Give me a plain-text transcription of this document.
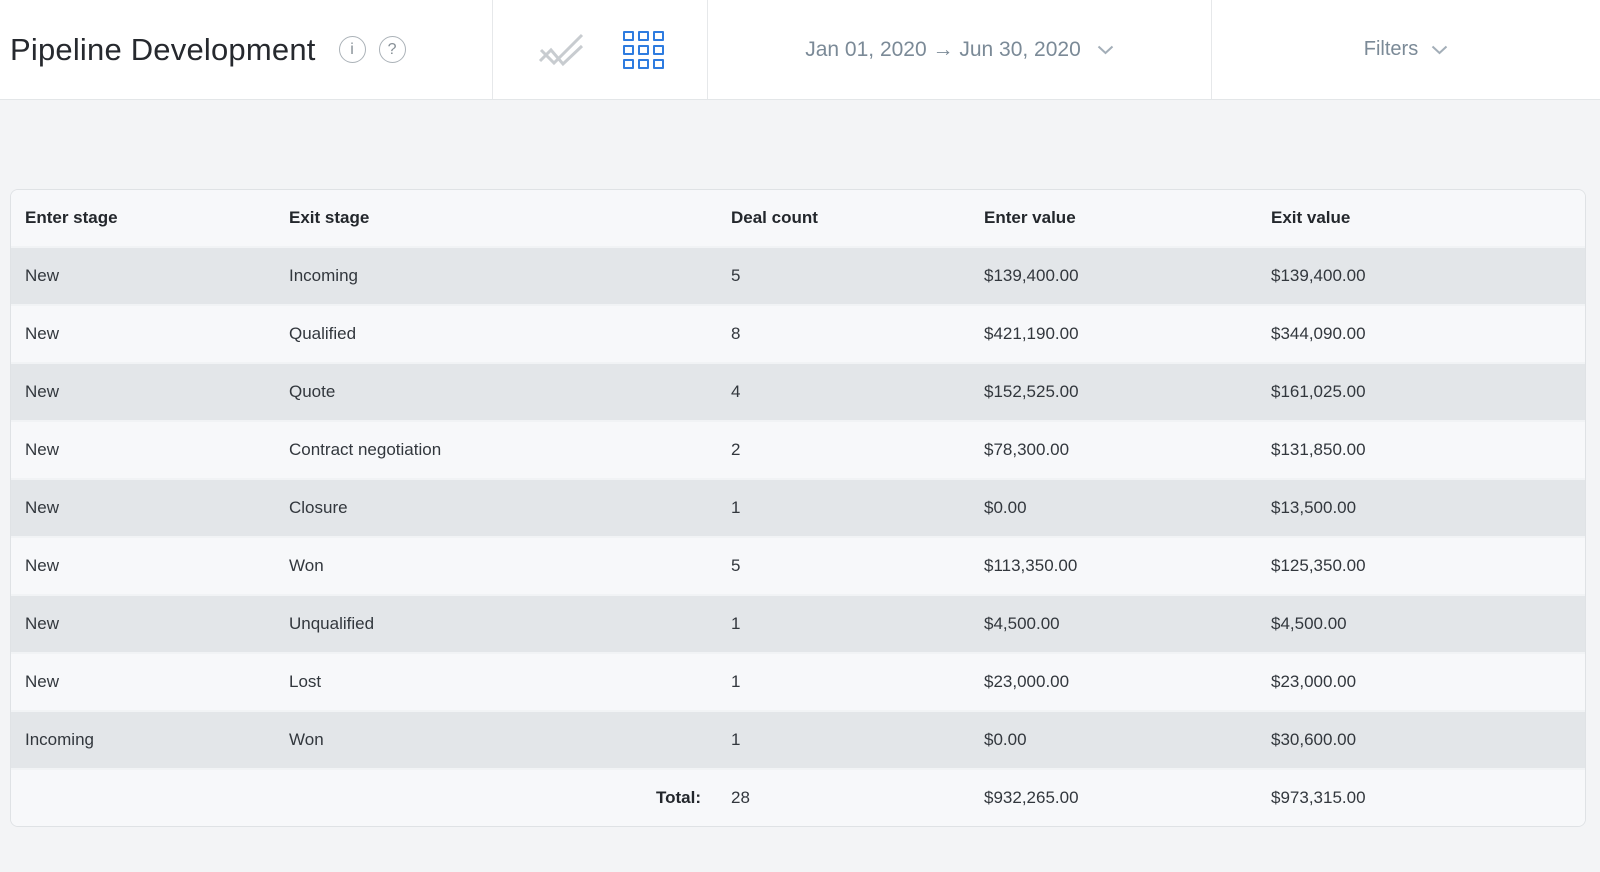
Pipeline Development	i	?	Jan 01, 2020 → Jun 30, 2020	Filters
Enter stage	Exit stage	Deal count	Enter value	Exit value
New	Incoming	5	$139,400.00	$139,400.00
New	Qualified	8	$421,190.00	$344,090.00
New	Quote	4	$152,525.00	$161,025.00
New	Contract negotiation	2	$78,300.00	$131,850.00
New	Closure	1	$0.00	$13,500.00
New	Won	5	$113,350.00	$125,350.00
New	Unqualified	1	$4,500.00	$4,500.00
New	Lost	1	$23,000.00	$23,000.00
Incoming	Won	1	$0.00	$30,600.00
	Total:	28	$932,265.00	$973,315.00
